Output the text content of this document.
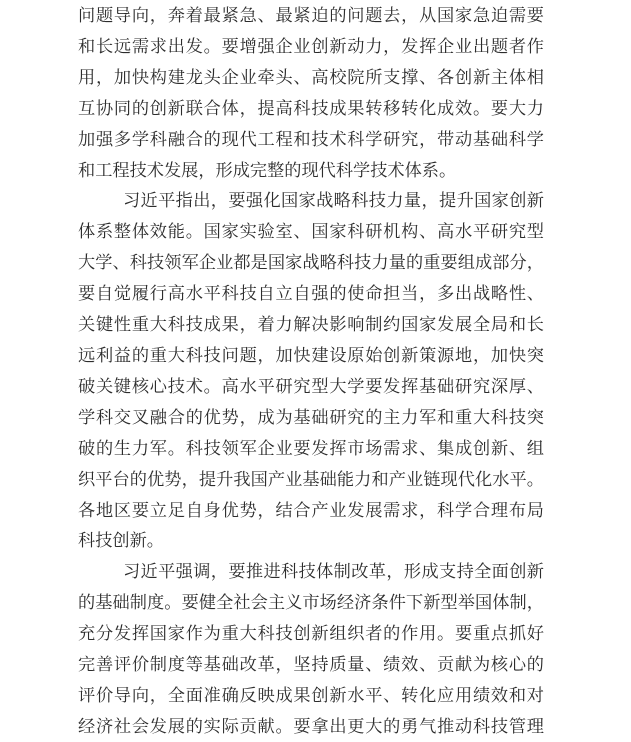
问题导向，奔着最紧急、最紧迫的问题去，从国家急迫需要
和长远需求出发。要增强企业创新动力，发挥企业出题者作
用，加快构建龙头企业牵头、高校院所支撑、各创新主体相
互协同的创新联合体，提高科技成果转移转化成效。要大力
加强多学科融合的现代工程和技术科学研究，带动基础科学
和工程技术发展，形成完整的现代科学技术体系。
习近平指出，要强化国家战略科技力量，提升国家创新
体系整体效能。国家实验室、国家科研机构、高水平研究型
大学、科技领军企业都是国家战略科技力量的重要组成部分，
要自觉履行高水平科技自立自强的使命担当，多出战略性、
关键性重大科技成果，着力解决影响制约国家发展全局和长
远利益的重大科技问题，加快建设原始创新策源地，加快突
破关键核心技术。高水平研究型大学要发挥基础研究深厚、
学科交叉融合的优势，成为基础研究的主力军和重大科技突
破的生力军。科技领军企业要发挥市场需求、集成创新、组
织平台的优势，提升我国产业基础能力和产业链现代化水平。
各地区要立足自身优势，结合产业发展需求，科学合理布局
科技创新。
习近平强调，要推进科技体制改革，形成支持全面创新
的基础制度。要健全社会主义市场经济条件下新型举国体制，
充分发挥国家作为重大科技创新组织者的作用。要重点抓好
完善评价制度等基础改革，坚持质量、绩效、贡献为核心的
评价导向，全面准确反映成果创新水平、转化应用绩效和对
经济社会发展的实际贡献。要拿出更大的勇气推动科技管理
